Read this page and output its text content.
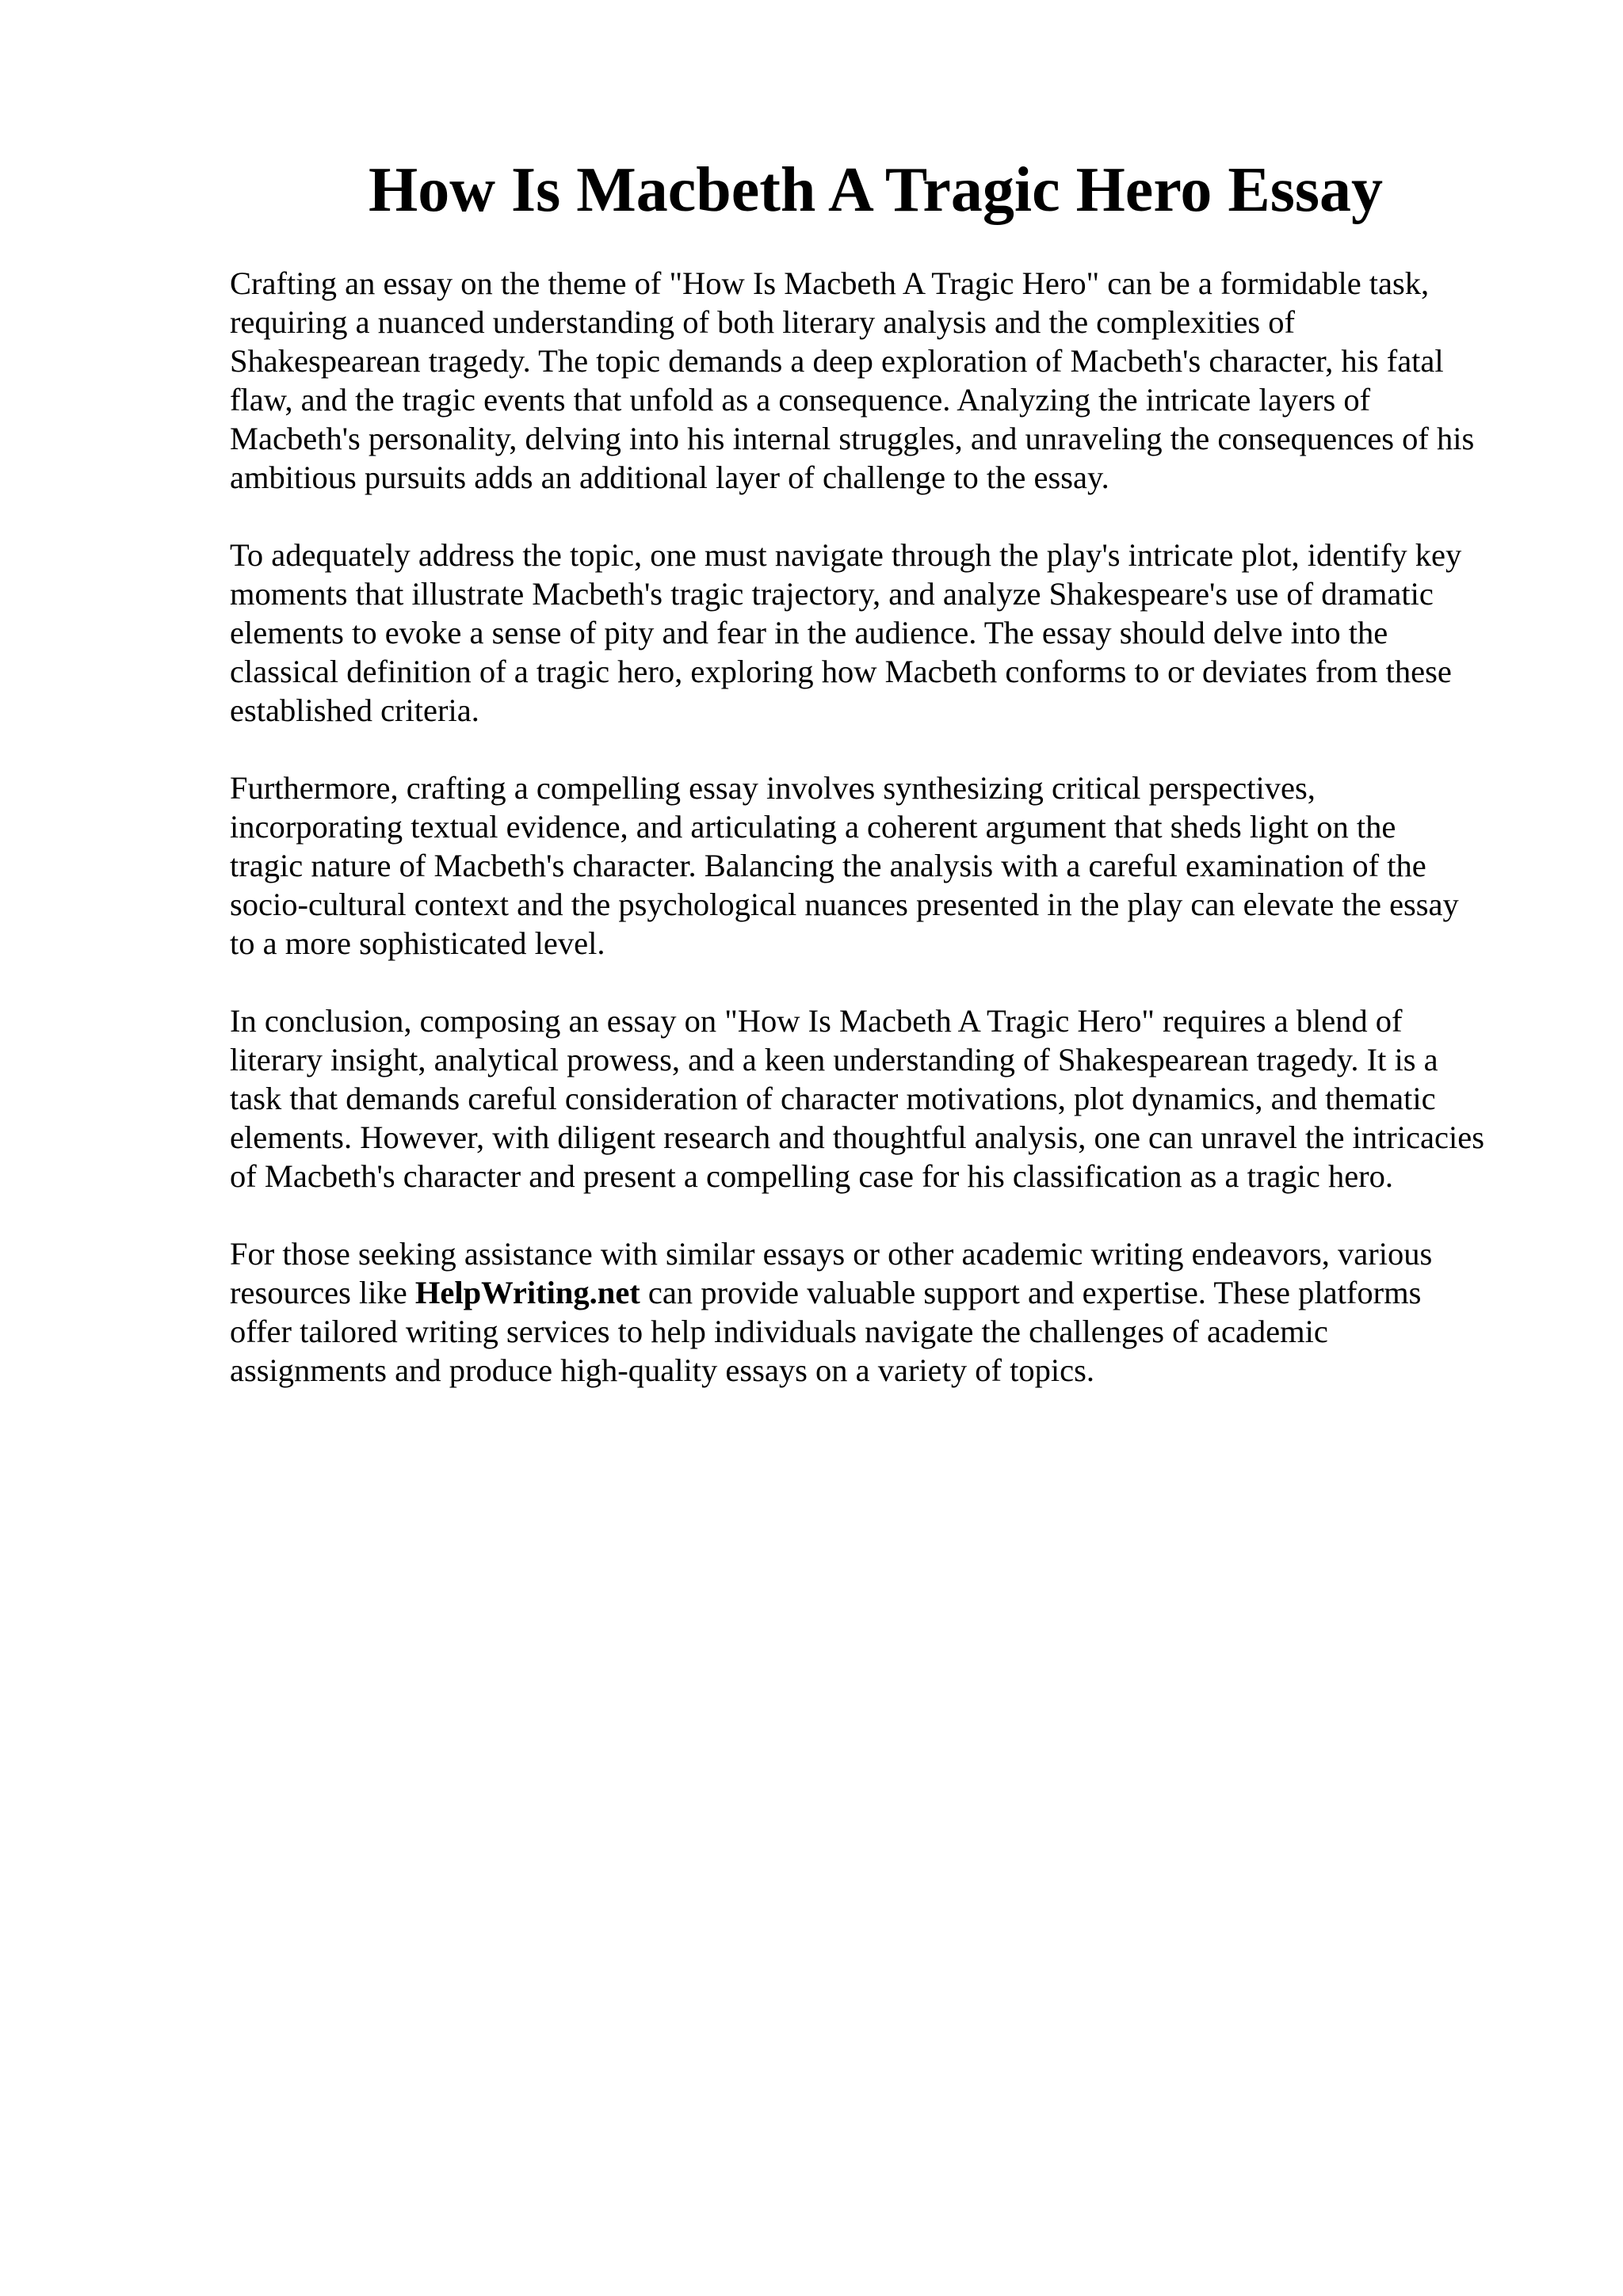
How Is Macbeth A Tragic Hero Essay

Crafting an essay on the theme of "How Is Macbeth A Tragic Hero" can be a formidable task,
requiring a nuanced understanding of both literary analysis and the complexities of
Shakespearean tragedy. The topic demands a deep exploration of Macbeth's character, his fatal
flaw, and the tragic events that unfold as a consequence. Analyzing the intricate layers of
Macbeth's personality, delving into his internal struggles, and unraveling the consequences of his
ambitious pursuits adds an additional layer of challenge to the essay.

To adequately address the topic, one must navigate through the play's intricate plot, identify key
moments that illustrate Macbeth's tragic trajectory, and analyze Shakespeare's use of dramatic
elements to evoke a sense of pity and fear in the audience. The essay should delve into the
classical definition of a tragic hero, exploring how Macbeth conforms to or deviates from these
established criteria.

Furthermore, crafting a compelling essay involves synthesizing critical perspectives,
incorporating textual evidence, and articulating a coherent argument that sheds light on the
tragic nature of Macbeth's character. Balancing the analysis with a careful examination of the
socio-cultural context and the psychological nuances presented in the play can elevate the essay
to a more sophisticated level.

In conclusion, composing an essay on "How Is Macbeth A Tragic Hero" requires a blend of
literary insight, analytical prowess, and a keen understanding of Shakespearean tragedy. It is a
task that demands careful consideration of character motivations, plot dynamics, and thematic
elements. However, with diligent research and thoughtful analysis, one can unravel the intricacies
of Macbeth's character and present a compelling case for his classification as a tragic hero.

For those seeking assistance with similar essays or other academic writing endeavors, various
resources like HelpWriting.net can provide valuable support and expertise. These platforms
offer tailored writing services to help individuals navigate the challenges of academic
assignments and produce high-quality essays on a variety of topics.
